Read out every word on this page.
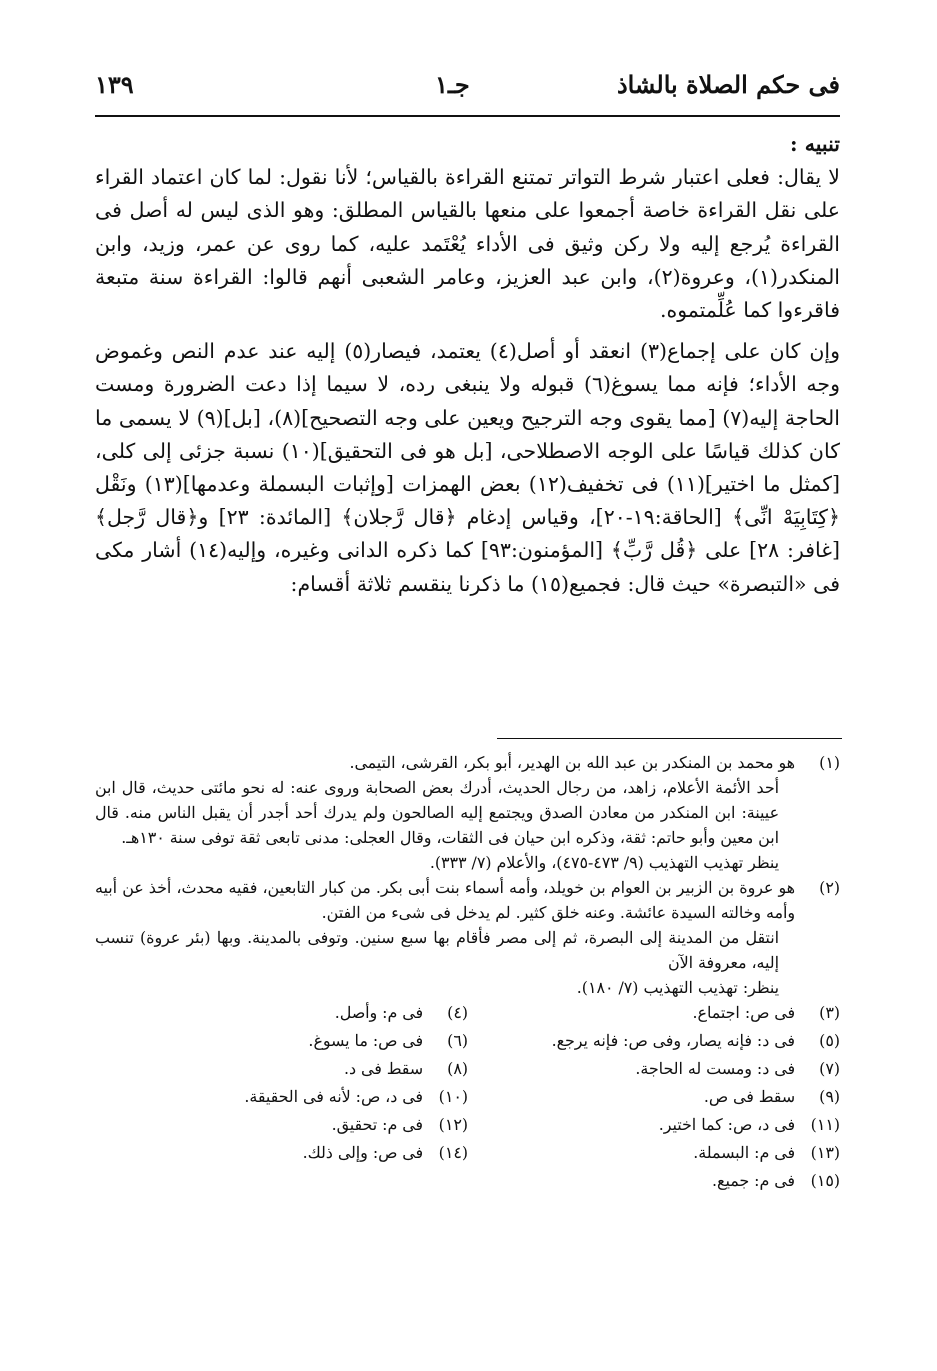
فى حكم الصلاة بالشاذ
جـ١
١٣٩

تنبيه :

لا يقال: فعلى اعتبار شرط التواتر تمتنع القراءة بالقياس؛ لأنا نقول: لما كان اعتماد القراء على نقل القراءة خاصة أجمعوا على منعها بالقياس المطلق: وهو الذى ليس له أصل فى القراءة يُرجع إليه ولا ركن وثيق فى الأداء يُعْتَمد عليه، كما روى عن عمر، وزيد، وابن المنكدر(١)، وعروة(٢)، وابن عبد العزيز، وعامر الشعبى أنهم قالوا: القراءة سنة متبعة فاقرءوا كما عُلِّمتموه.

وإن كان على إجماع(٣) انعقد أو أصل(٤) يعتمد، فيصار(٥) إليه عند عدم النص وغموض وجه الأداء؛ فإنه مما يسوغ(٦) قبوله ولا ينبغى رده، لا سيما إذا دعت الضرورة ومست الحاجة إليه(٧) [مما يقوى وجه الترجيح ويعين على وجه التصحيح](٨)، [بل](٩) لا يسمى ما كان كذلك قياسًا على الوجه الاصطلاحى، [بل هو فى التحقيق](١٠) نسبة جزئى إلى كلى، [كمثل ما اختير](١١) فى تخفيف(١٢) بعض الهمزات [وإثبات البسملة وعدمها](١٣) ونَقْل ﴿كِتَابِيَهْ انِّى﴾ [الحاقة:١٩-٢٠]، وقياس إدغام ﴿قال رَّجلان﴾ [المائدة: ٢٣] و﴿قال رَّجل﴾ [غافر: ٢٨] على ﴿قُل رَّبِّ﴾ [المؤمنون:٩٣] كما ذكره الدانى وغيره، وإليه(١٤) أشار مكى فى «التبصرة» حيث قال: فجميع(١٥) ما ذكرنا ينقسم ثلاثة أقسام:

(١)

هو محمد بن المنكدر بن عبد الله بن الهدير، أبو بكر، القرشى، التيمى.

أحد الأئمة الأعلام، زاهد، من رجال الحديث، أدرك بعض الصحابة وروى عنه: له نحو مائتى حديث، قال ابن عيينة: ابن المنكدر من معادن الصدق ويجتمع إليه الصالحون ولم يدرك أحد أجدر أن يقبل الناس منه. قال ابن معين وأبو حاتم: ثقة، وذكره ابن حيان فى الثقات، وقال العجلى: مدنى تابعى ثقة توفى سنة ١٣٠هـ.

ينظر تهذيب التهذيب (٩/ ٤٧٣-٤٧٥)، والأعلام (٧/ ٣٣٣).

(٢)

هو عروة بن الزبير بن العوام بن خويلد، وأمه أسماء بنت أبى بكر. من كبار التابعين، فقيه محدث، أخذ عن أبيه وأمه وخالته السيدة عائشة. وعنه خلق كثير. لم يدخل فى شىء من الفتن.

انتقل من المدينة إلى البصرة، ثم إلى مصر فأقام بها سبع سنين. وتوفى بالمدينة. وبها (بئر عروة) تنسب إليه، معروفة الآن

ينظر: تهذيب التهذيب (٧/ ١٨٠).

(٣)
فى ص: اجتماع.
(٥)
فى د: فإنه يصار، وفى ص: فإنه يرجع.
(٧)
فى د: ومست له الحاجة.
(٩)
سقط فى ص.
(١١)
فى د، ص: كما اختير.
(١٣)
فى م: البسملة.
(١٥)
فى م: جميع.
(٤)
فى م: وأصل.
(٦)
فى ص: ما يسوغ.
(٨)
سقط فى د.
(١٠)
فى د، ص: لأنه فى الحقيقة.
(١٢)
فى م: تحقيق.
(١٤)
فى ص: وإلى ذلك.
